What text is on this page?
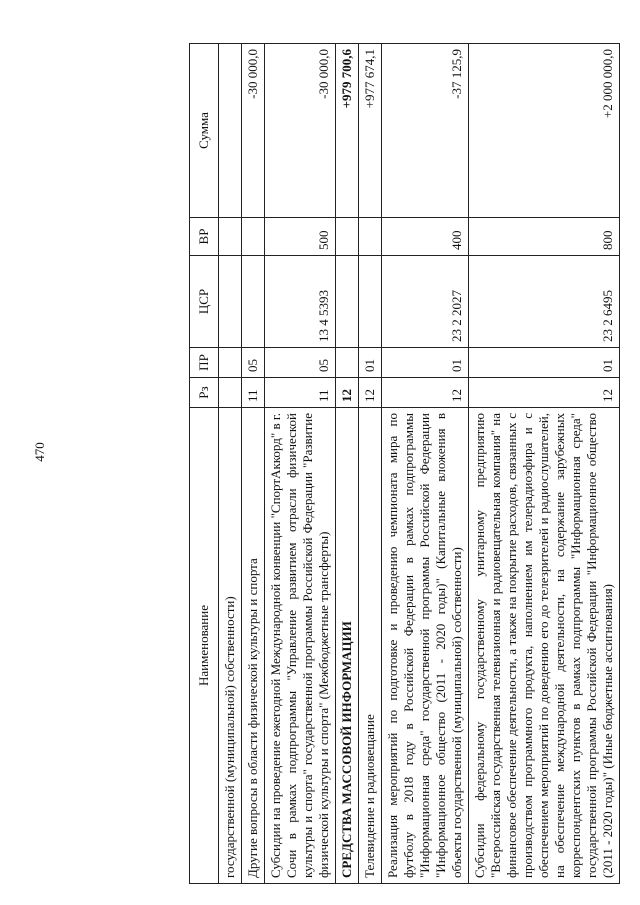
470
Наименование	Рз	ПР	ЦСР	ВР	Сумма
государственной (муниципальной) собственности)					
Другие вопросы в области физической культуры и спорта	11	05			-30 000,0
Субсидии на проведение ежегодной Международной конвенции "СпортАккорд" в г. Сочи в рамках подпрограммы "Управление развитием отрасли физической культуры и спорта" государственной программы Российской Федерации "Развитие физической культуры и спорта" (Межбюджетные трансферты)	11	05	13 4 5393	500	-30 000,0
СРЕДСТВА МАССОВОЙ ИНФОРМАЦИИ	12				+979 700,6
Телевидение и радиовещание	12	01			+977 674,1
Реализация мероприятий по подготовке и проведению чемпионата мира по футболу в 2018 году в Российской Федерации в рамках подпрограммы "Информационная среда" государственной программы Российской Федерации "Информационное общество (2011 - 2020 годы)" (Капитальные вложения в объекты государственной (муниципальной) собственности)	12	01	23 2 2027	400	-37 125,9
Субсидии федеральному государственному унитарному предприятию "Всероссийская государственная телевизионная и радиовещательная компания" на финансовое обеспечение деятельности, а также на покрытие расходов, связанных с производством программного продукта, наполнением им телерадиоэфира и с обеспечением мероприятий по доведению его до телезрителей и радиослушателей, на обеспечение международной деятельности, на содержание зарубежных корреспондентских пунктов в рамках подпрограммы "Информационная среда" государственной программы Российской Федерации "Информационное общество (2011 - 2020 годы)" (Иные бюджетные ассигнования)	12	01	23 2 6495	800	+2 000 000,0
